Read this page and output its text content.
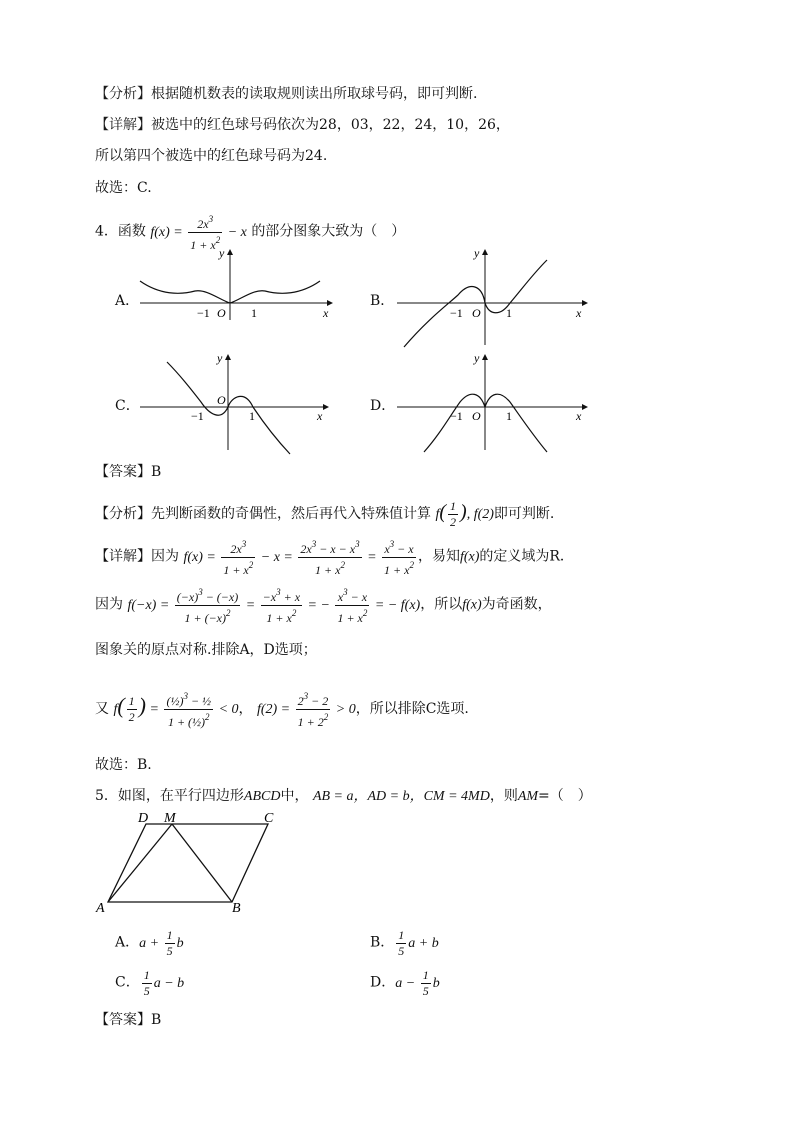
【分析】根据随机数表的读取规则读出所取球号码，即可判断.
【详解】被选中的红色球号码依次为28，03，22，24，10，26，
所以第四个被选中的红色球号码为24.
故选：C.
4．函数 $f(x) = \frac{2x^3}{1 + x^2} - x$ 的部分图象大致为（　）
A．
x
y
O
−1	1
B．
x
y
O
−1	1
C．
x
y
O
−1	1
D．
x
y
O
−1	1
【答案】B
【分析】先判断函数的奇偶性，然后再代入特殊值计算 $f( \frac{1}{2}$ ), f(2)即可判断.
【详解】因为 $f(x) = \frac{2x^3}{1 + x^2} - x = \frac{2x^3 - x - x^3}{1 + x^2} = \frac{x^3 - x}{1 + x^2}$ ，易知f(x)的定义域为R．
因为 $f(-x) = \frac{(-x)^3 - (-x)}{1 + (-x)^2} = \frac{-x^3 + x}{1 + x^2}$ = − $\frac{x^3 - x}{1 + x^2}$ = − f(x)，所以f(x)为奇函数，
图象关的原点对称.排除A，D选项；
又 $f( \frac{1}{2}$ ) = $\frac{(\frac{1}{2})^3 - \frac{1}{2}}{1 + (\frac{1}{2})^2} < 0$， $f(2) = \frac{2^3 - 2}{1 + 2^2} > 0$，所以排除C选项.
故选：B.
5．如图，在平行四边形ABCD中， AB = a，AD = b，CM = 4MD，则AM=（　）
A	B
C
D M
A．$a + \frac{1}{5}$ b	B． $\frac{1}{5}$ a + b
C． $\frac{1}{5}$ a − b	D．$a - \frac{1}{5}$ b
【答案】B
